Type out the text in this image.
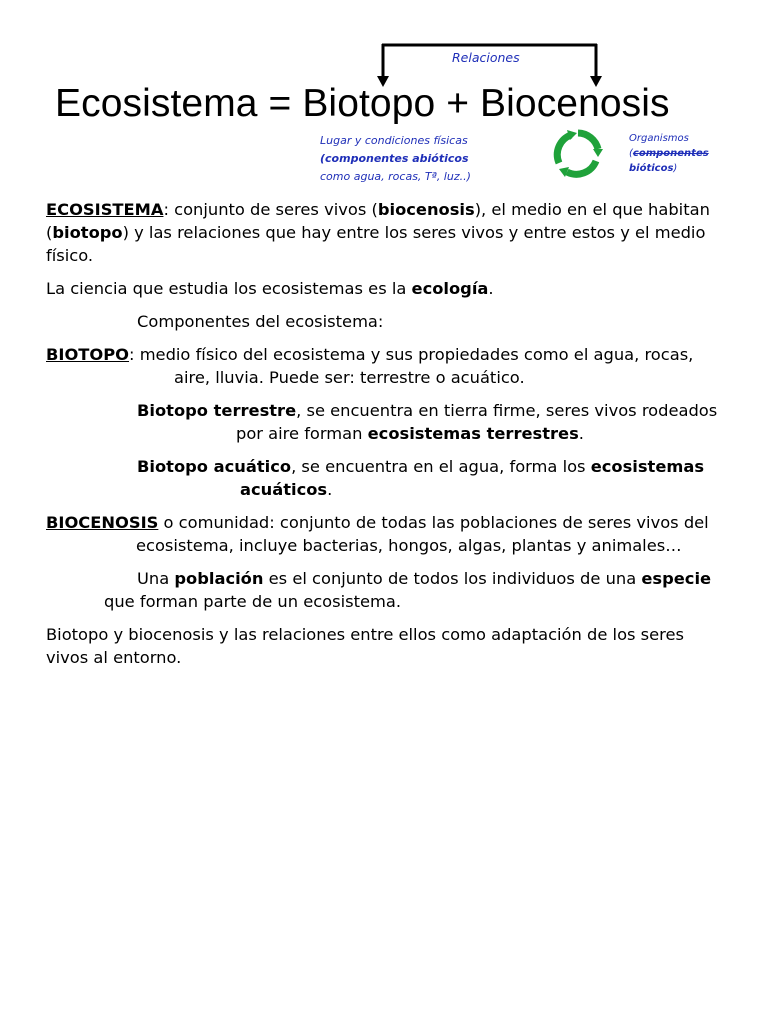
Relaciones
Ecosistema = Biotopo + Biocenosis
Lugar y condiciones físicas
(componentes abióticos
como agua, rocas, Tª, luz..)
Organismos
(componentes
bióticos)

ECOSISTEMA: conjunto de seres vivos (biocenosis), el medio en el que habitan (biotopo) y las relaciones que hay entre los seres vivos y entre estos y el medio físico.

La ciencia que estudia los ecosistemas es la ecología.

Componentes del ecosistema:

BIOTOPO: medio físico del ecosistema y sus propiedades como el agua, rocas,aire, lluvia. Puede ser: terrestre o acuático.

Biotopo terrestre, se encuentra en tierra firme, seres vivos rodeadospor aire forman ecosistemas terrestres.

Biotopo acuático, se encuentra en el agua, forma los ecosistemasacuáticos.

BIOCENOSIS o comunidad: conjunto de todas las poblaciones de seres vivos delecosistema, incluye bacterias, hongos, algas, plantas y animales…

Una población es el conjunto de todos los individuos de una especieque forman parte de un ecosistema.

Biotopo y biocenosis y las relaciones entre ellos como adaptación de los seres vivos al entorno.
